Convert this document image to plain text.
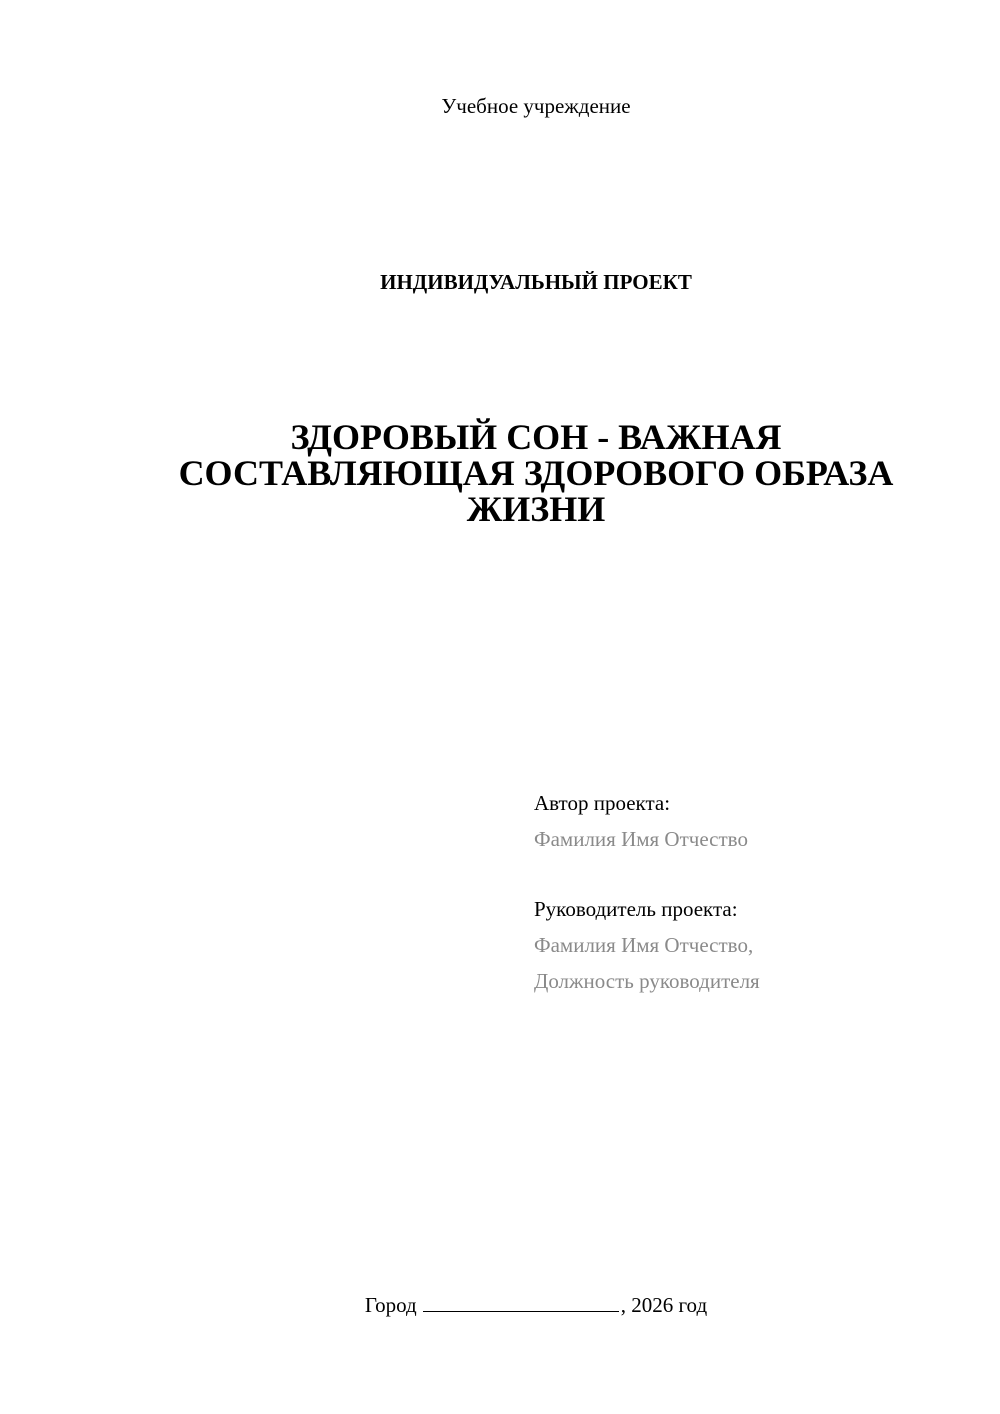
Учебное учреждение
ИНДИВИДУАЛЬНЫЙ ПРОЕКТ
ЗДОРОВЫЙ СОН - ВАЖНАЯ
СОСТАВЛЯЮЩАЯ ЗДОРОВОГО ОБРАЗА
ЖИЗНИ
Автор проекта:
Фамилия Имя Отчество
Руководитель проекта:
Фамилия Имя Отчество,
Должность руководителя
Город	, 2026 год
